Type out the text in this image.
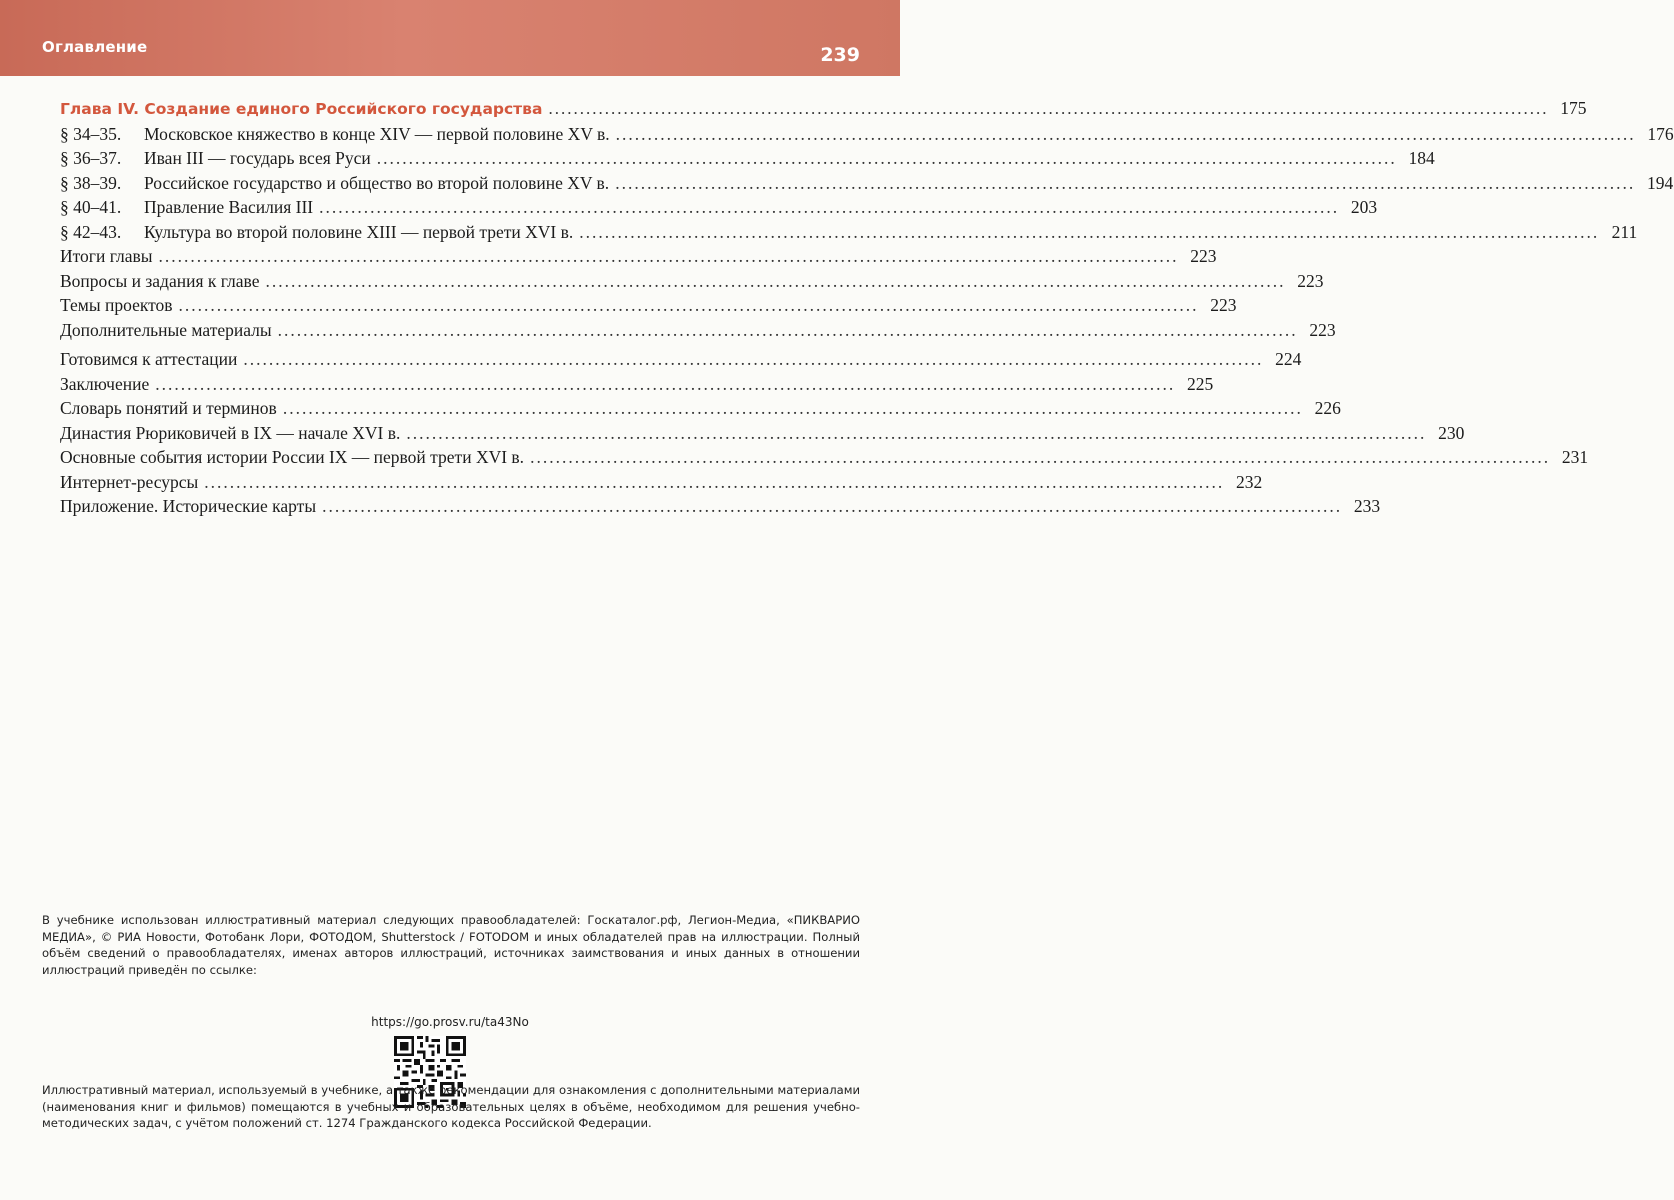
Оглавление	239
Глава IV. Создание единого Российского государства .....	175
§ 34–35.	Московское княжество в конце XIV — первой половине XV в. .....	176
§ 36–37.	Иван III — государь всея Руси .....	184
§ 38–39.	Российское государство и общество во второй половине XV в. .....	194
§ 40–41.	Правление Василия III .....	203
§ 42–43.	Культура во второй половине XIII — первой трети XVI в. .....	211
Итоги главы .....	223
Вопросы и задания к главе .....	223
Темы проектов .....	223
Дополнительные материалы .....	223
Готовимся к аттестации .....	224
Заключение .....	225
Словарь понятий и терминов .....	226
Династия Рюриковичей в IX — начале XVI в. .....	230
Основные события истории России IX — первой трети XVI в. .....	231
Интернет-ресурсы .....	232
Приложение. Исторические карты .....	233
В учебнике использован иллюстративный материал следующих правообладателей: Госкаталог.рф, Легион-Медиа, «ПИКВАРИО МЕДИА», © РИА Новости, Фотобанк Лори, ФОТОДОМ, Shutterstock / FOTODOM и иных обладателей прав на иллюстрации. Полный объём сведений о правообладателях, именах авторов иллюстраций, источниках заимствования и иных данных в отношении иллюстраций приведён по ссылке:
https://go.prosv.ru/ta43No
Иллюстративный материал, используемый в учебнике, а также рекомендации для ознакомления с дополнительными материалами (наименования книг и фильмов) помещаются в учебных и образовательных целях в объёме, необходимом для решения учебно-методических задач, с учётом положений ст. 1274 Гражданского кодекса Российской Федерации.
